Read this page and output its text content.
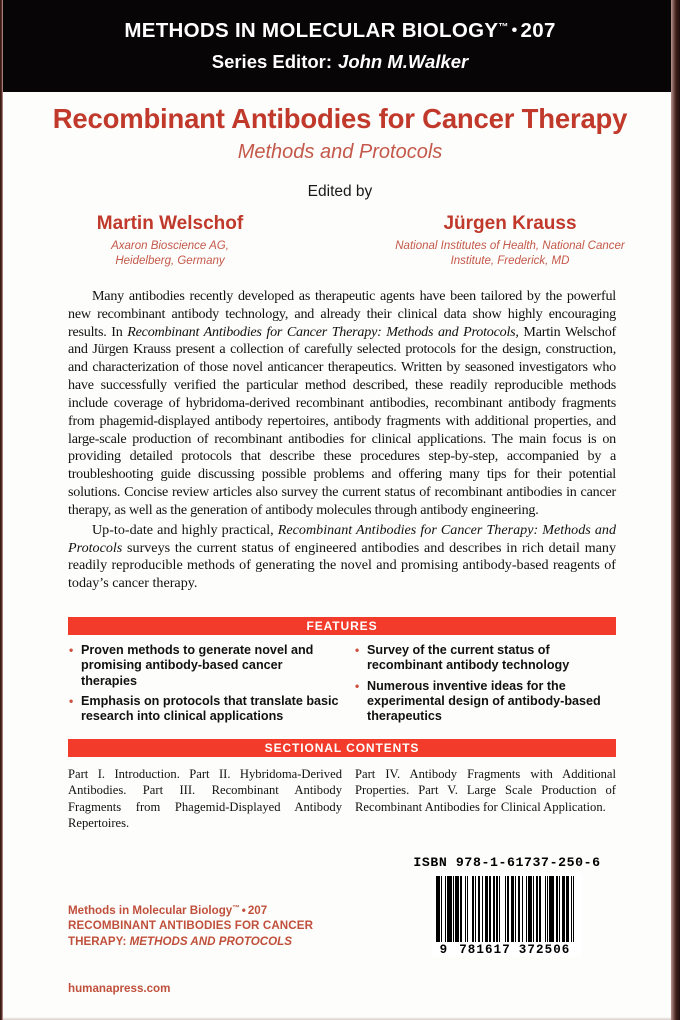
METHODS IN MOLECULAR BIOLOGY™ • 207
Series Editor: John M.Walker
Recombinant Antibodies for Cancer Therapy
Methods and Protocols
Edited by
Martin Welschof
Axaron Bioscience AG,
Heidelberg, Germany
Jürgen Krauss
National Institutes of Health, National Cancer
Institute, Frederick, MD

Many antibodies recently developed as therapeutic agents have been tailored by the powerful new recombinant antibody technology, and already their clinical data show highly encouraging results. In Recombinant Antibodies for Cancer Therapy: Methods and Protocols, Martin Welschof and Jürgen Krauss present a collection of carefully selected protocols for the design, construction, and characterization of those novel anticancer therapeutics. Written by seasoned investigators who have successfully verified the particular method described, these readily reproducible methods include coverage of hybridoma-derived recombinant antibodies, recombinant antibody fragments from phagemid-displayed antibody repertoires, antibody fragments with additional properties, and large-scale production of recombinant antibodies for clinical applications. The main focus is on providing detailed protocols that describe these procedures step-by-step, accompanied by a troubleshooting guide discussing possible problems and offering many tips for their potential solutions. Concise review articles also survey the current status of recombinant antibodies in cancer therapy, as well as the generation of antibody molecules through antibody engineering.

Up-to-date and highly practical, Recombinant Antibodies for Cancer Therapy: Methods and Protocols surveys the current status of engineered antibodies and describes in rich detail many readily reproducible methods of generating the novel and promising antibody-based reagents of today’s cancer therapy.

FEATURES
• Proven methods to generate novel and promising antibody-based cancer therapies
• Emphasis on protocols that translate basic research into clinical applications
• Survey of the current status of recombinant antibody technology
• Numerous inventive ideas for the experimental design of antibody-based therapeutics
SECTIONAL CONTENTS
Part I. Introduction. Part II. Hybridoma-Derived Antibodies. Part III. Recombinant Antibody Fragments from Phagemid-Displayed Antibody Repertoires.
Part IV. Antibody Fragments with Additional Properties. Part V. Large Scale Production of Recombinant Antibodies for Clinical Application.
Methods in Molecular Biology™ • 207
RECOMBINANT ANTIBODIES FOR CANCER
THERAPY: METHODS AND PROTOCOLS
humanapress.com
ISBN 978-1-61737-250-6
9 781617 372506
